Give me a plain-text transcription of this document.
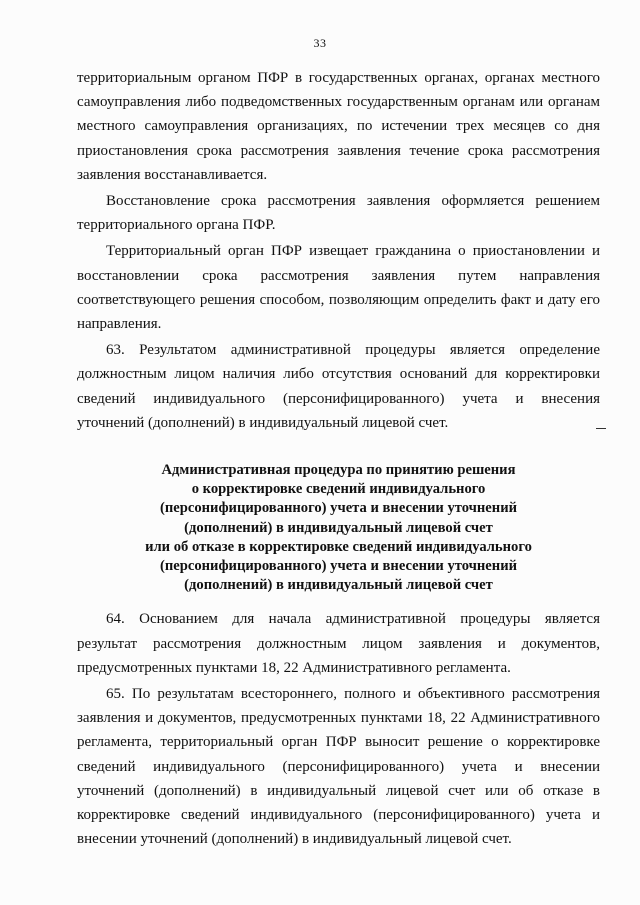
33

территориальным органом ПФР в государственных органах, органах местного самоуправления либо подведомственных государственным органам или органам местного самоуправления организациях, по истечении трех месяцев со дня приостановления срока рассмотрения заявления течение срока рассмотрения заявления восстанавливается.

Восстановление срока рассмотрения заявления оформляется решением территориального органа ПФР.

Территориальный орган ПФР извещает гражданина о приостановлении и восстановлении срока рассмотрения заявления путем направления соответствующего решения способом, позволяющим определить факт и дату его направления.

63. Результатом административной процедуры является определение должностным лицом наличия либо отсутствия оснований для корректировки сведений индивидуального (персонифицированного) учета и внесения уточнений (дополнений) в индивидуальный лицевой счет.

Административная процедура по принятию решения
о корректировке сведений индивидуального
(персонифицированного) учета и внесении уточнений
(дополнений) в индивидуальный лицевой счет
или об отказе в корректировке сведений индивидуального
(персонифицированного) учета и внесении уточнений
(дополнений) в индивидуальный лицевой счет

64. Основанием для начала административной процедуры является результат рассмотрения должностным лицом заявления и документов, предусмотренных пунктами 18, 22 Административного регламента.

65. По результатам всестороннего, полного и объективного рассмотрения заявления и документов, предусмотренных пунктами 18, 22 Административного регламента, территориальный орган ПФР выносит решение о корректировке сведений индивидуального (персонифицированного) учета и внесении уточнений (дополнений) в индивидуальный лицевой счет или об отказе в корректировке сведений индивидуального (персонифицированного) учета и внесении уточнений (дополнений) в индивидуальный лицевой счет.
